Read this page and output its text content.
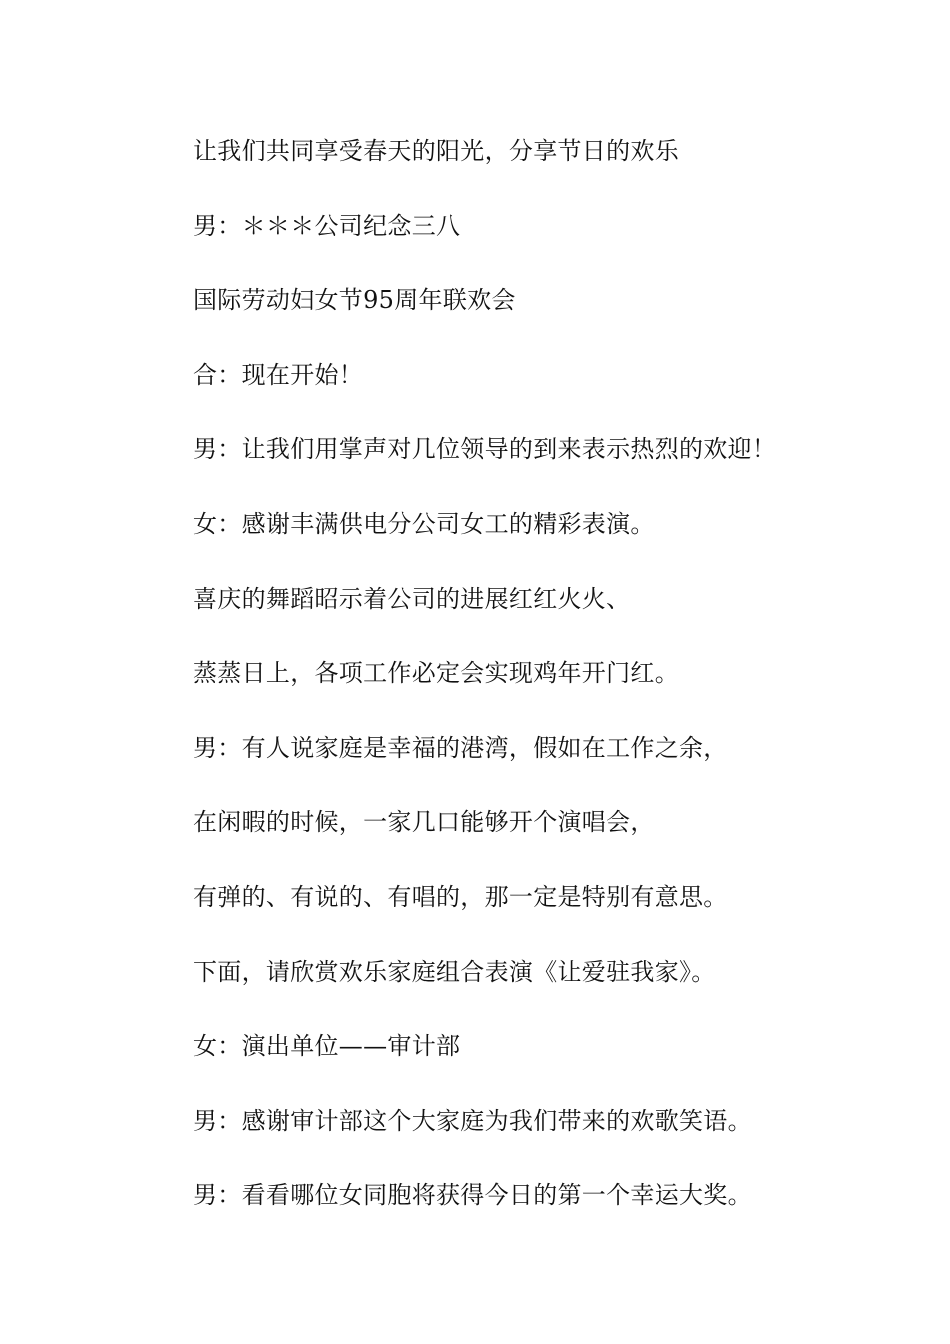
让我们共同享受春天的阳光，分享节日的欢乐
男：＊＊＊公司纪念三八
国际劳动妇女节95周年联欢会
合：现在开始！
男：让我们用掌声对几位领导的到来表示热烈的欢迎！
女：感谢丰满供电分公司女工的精彩表演。
喜庆的舞蹈昭示着公司的进展红红火火、
蒸蒸日上，各项工作必定会实现鸡年开门红。
男：有人说家庭是幸福的港湾，假如在工作之余，
在闲暇的时候，一家几口能够开个演唱会，
有弹的、有说的、有唱的，那一定是特别有意思。
下面，请欣赏欢乐家庭组合表演《让爱驻我家》。
女：演出单位——审计部
男：感谢审计部这个大家庭为我们带来的欢歌笑语。
男：看看哪位女同胞将获得今日的第一个幸运大奖。
